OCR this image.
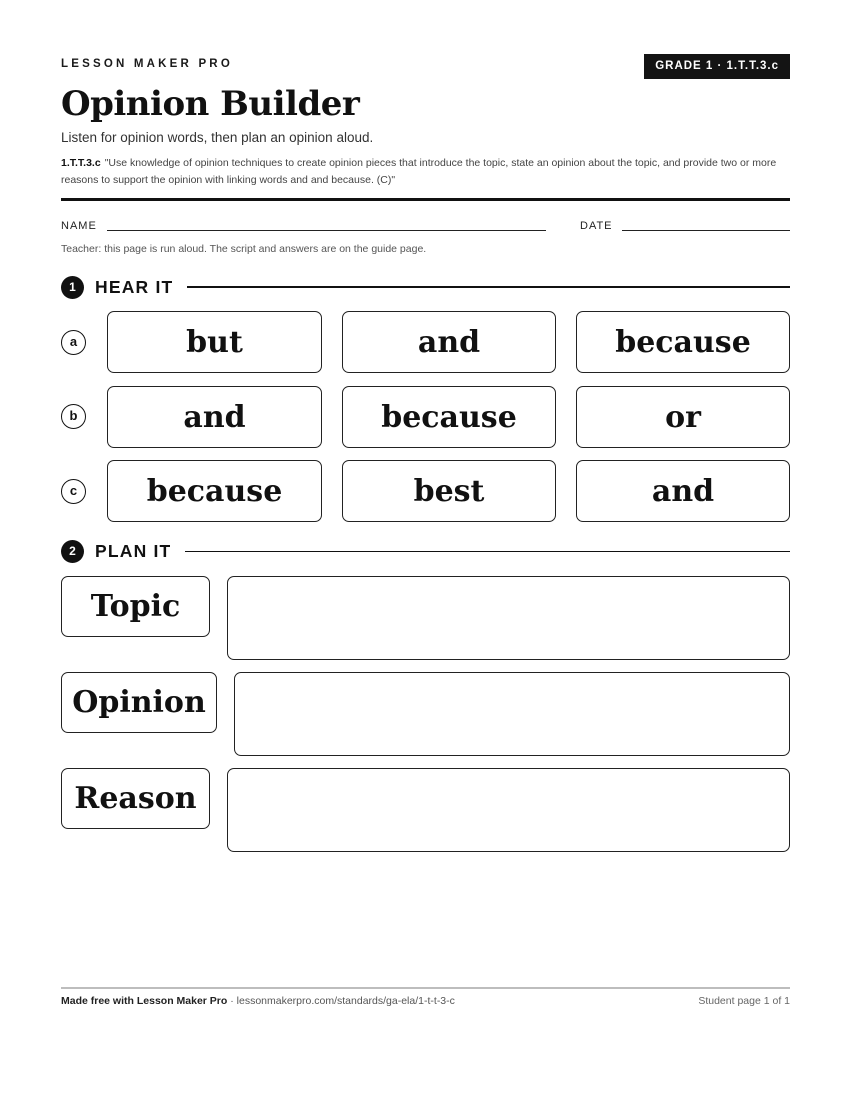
LESSON MAKER PRO	GRADE 1 · 1.T.T.3.c
Opinion Builder
Listen for opinion words, then plan an opinion aloud.
1.T.T.3.c "Use knowledge of opinion techniques to create opinion pieces that introduce the topic, state an opinion about the topic, and provide two or more reasons to support the opinion with linking words and and because. (C)"
NAME	DATE
Teacher: this page is run aloud. The script and answers are on the guide page.
1	HEAR IT
a	but	and	because
b	and	because	or
c	because	best	and
2	PLAN IT
Topic
Opinion
Reason
Made free with Lesson Maker Pro · lessonmakerpro.com/standards/ga-ela/1-t-t-3-c	Student page 1 of 1
